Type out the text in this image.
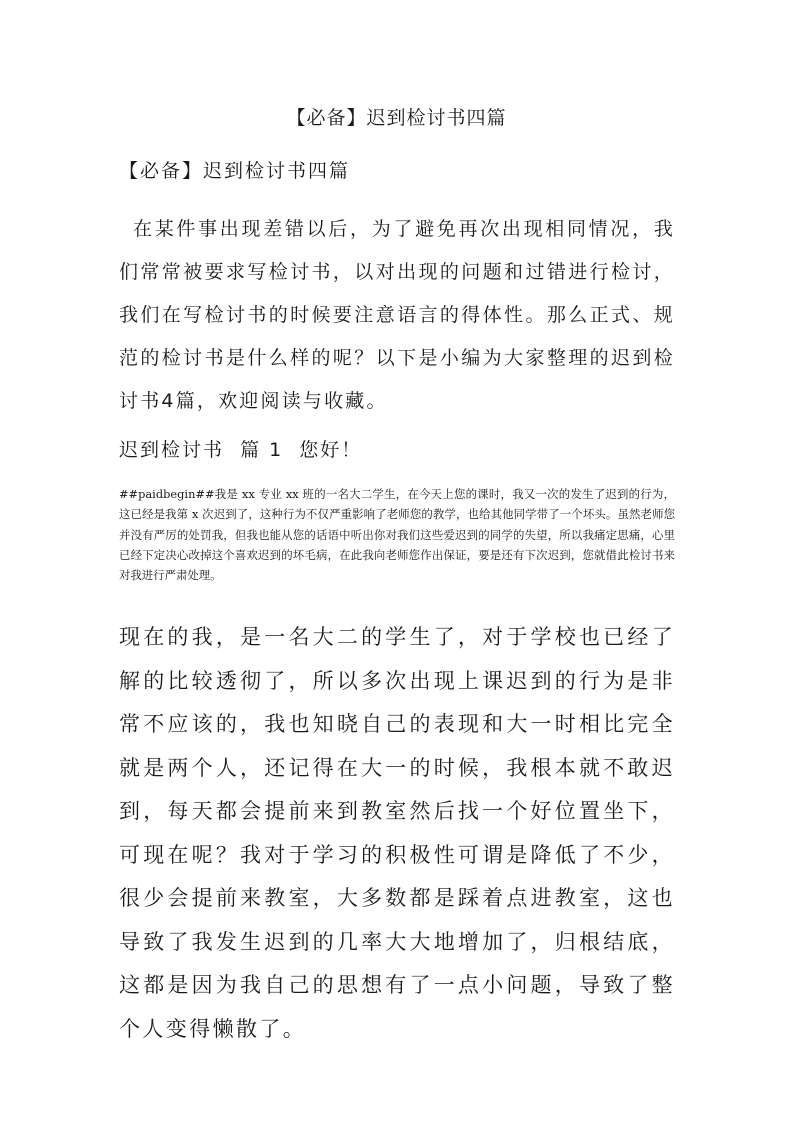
【必备】迟到检讨书四篇
【必备】迟到检讨书四篇
在某件事出现差错以后，为了避免再次出现相同情况，我们常常被要求写检讨书，以对出现的问题和过错进行检讨，我们在写检讨书的时候要注意语言的得体性。那么正式、规范的检讨书是什么样的呢？以下是小编为大家整理的迟到检讨书4篇，欢迎阅读与收藏。
迟到检讨书  篇 1  您好！
##paidbegin##我是 xx 专业 xx 班的一名大二学生，在今天上您的课时，我又一次的发生了迟到的行为，这已经是我第 x 次迟到了，这种行为不仅严重影响了老师您的教学，也给其他同学带了一个坏头。虽然老师您并没有严厉的处罚我，但我也能从您的话语中听出你对我们这些爱迟到的同学的失望，所以我痛定思痛，心里已经下定决心改掉这个喜欢迟到的坏毛病，在此我向老师您作出保证，要是还有下次迟到，您就借此检讨书来对我进行严肃处理。
现在的我，是一名大二的学生了，对于学校也已经了解的比较透彻了，所以多次出现上课迟到的行为是非常不应该的，我也知晓自己的表现和大一时相比完全就是两个人，还记得在大一的时候，我根本就不敢迟到，每天都会提前来到教室然后找一个好位置坐下，可现在呢？我对于学习的积极性可谓是降低了不少，很少会提前来教室，大多数都是踩着点进教室，这也导致了我发生迟到的几率大大地增加了，归根结底，这都是因为我自己的思想有了一点小问题，导致了整个人变得懒散了。
